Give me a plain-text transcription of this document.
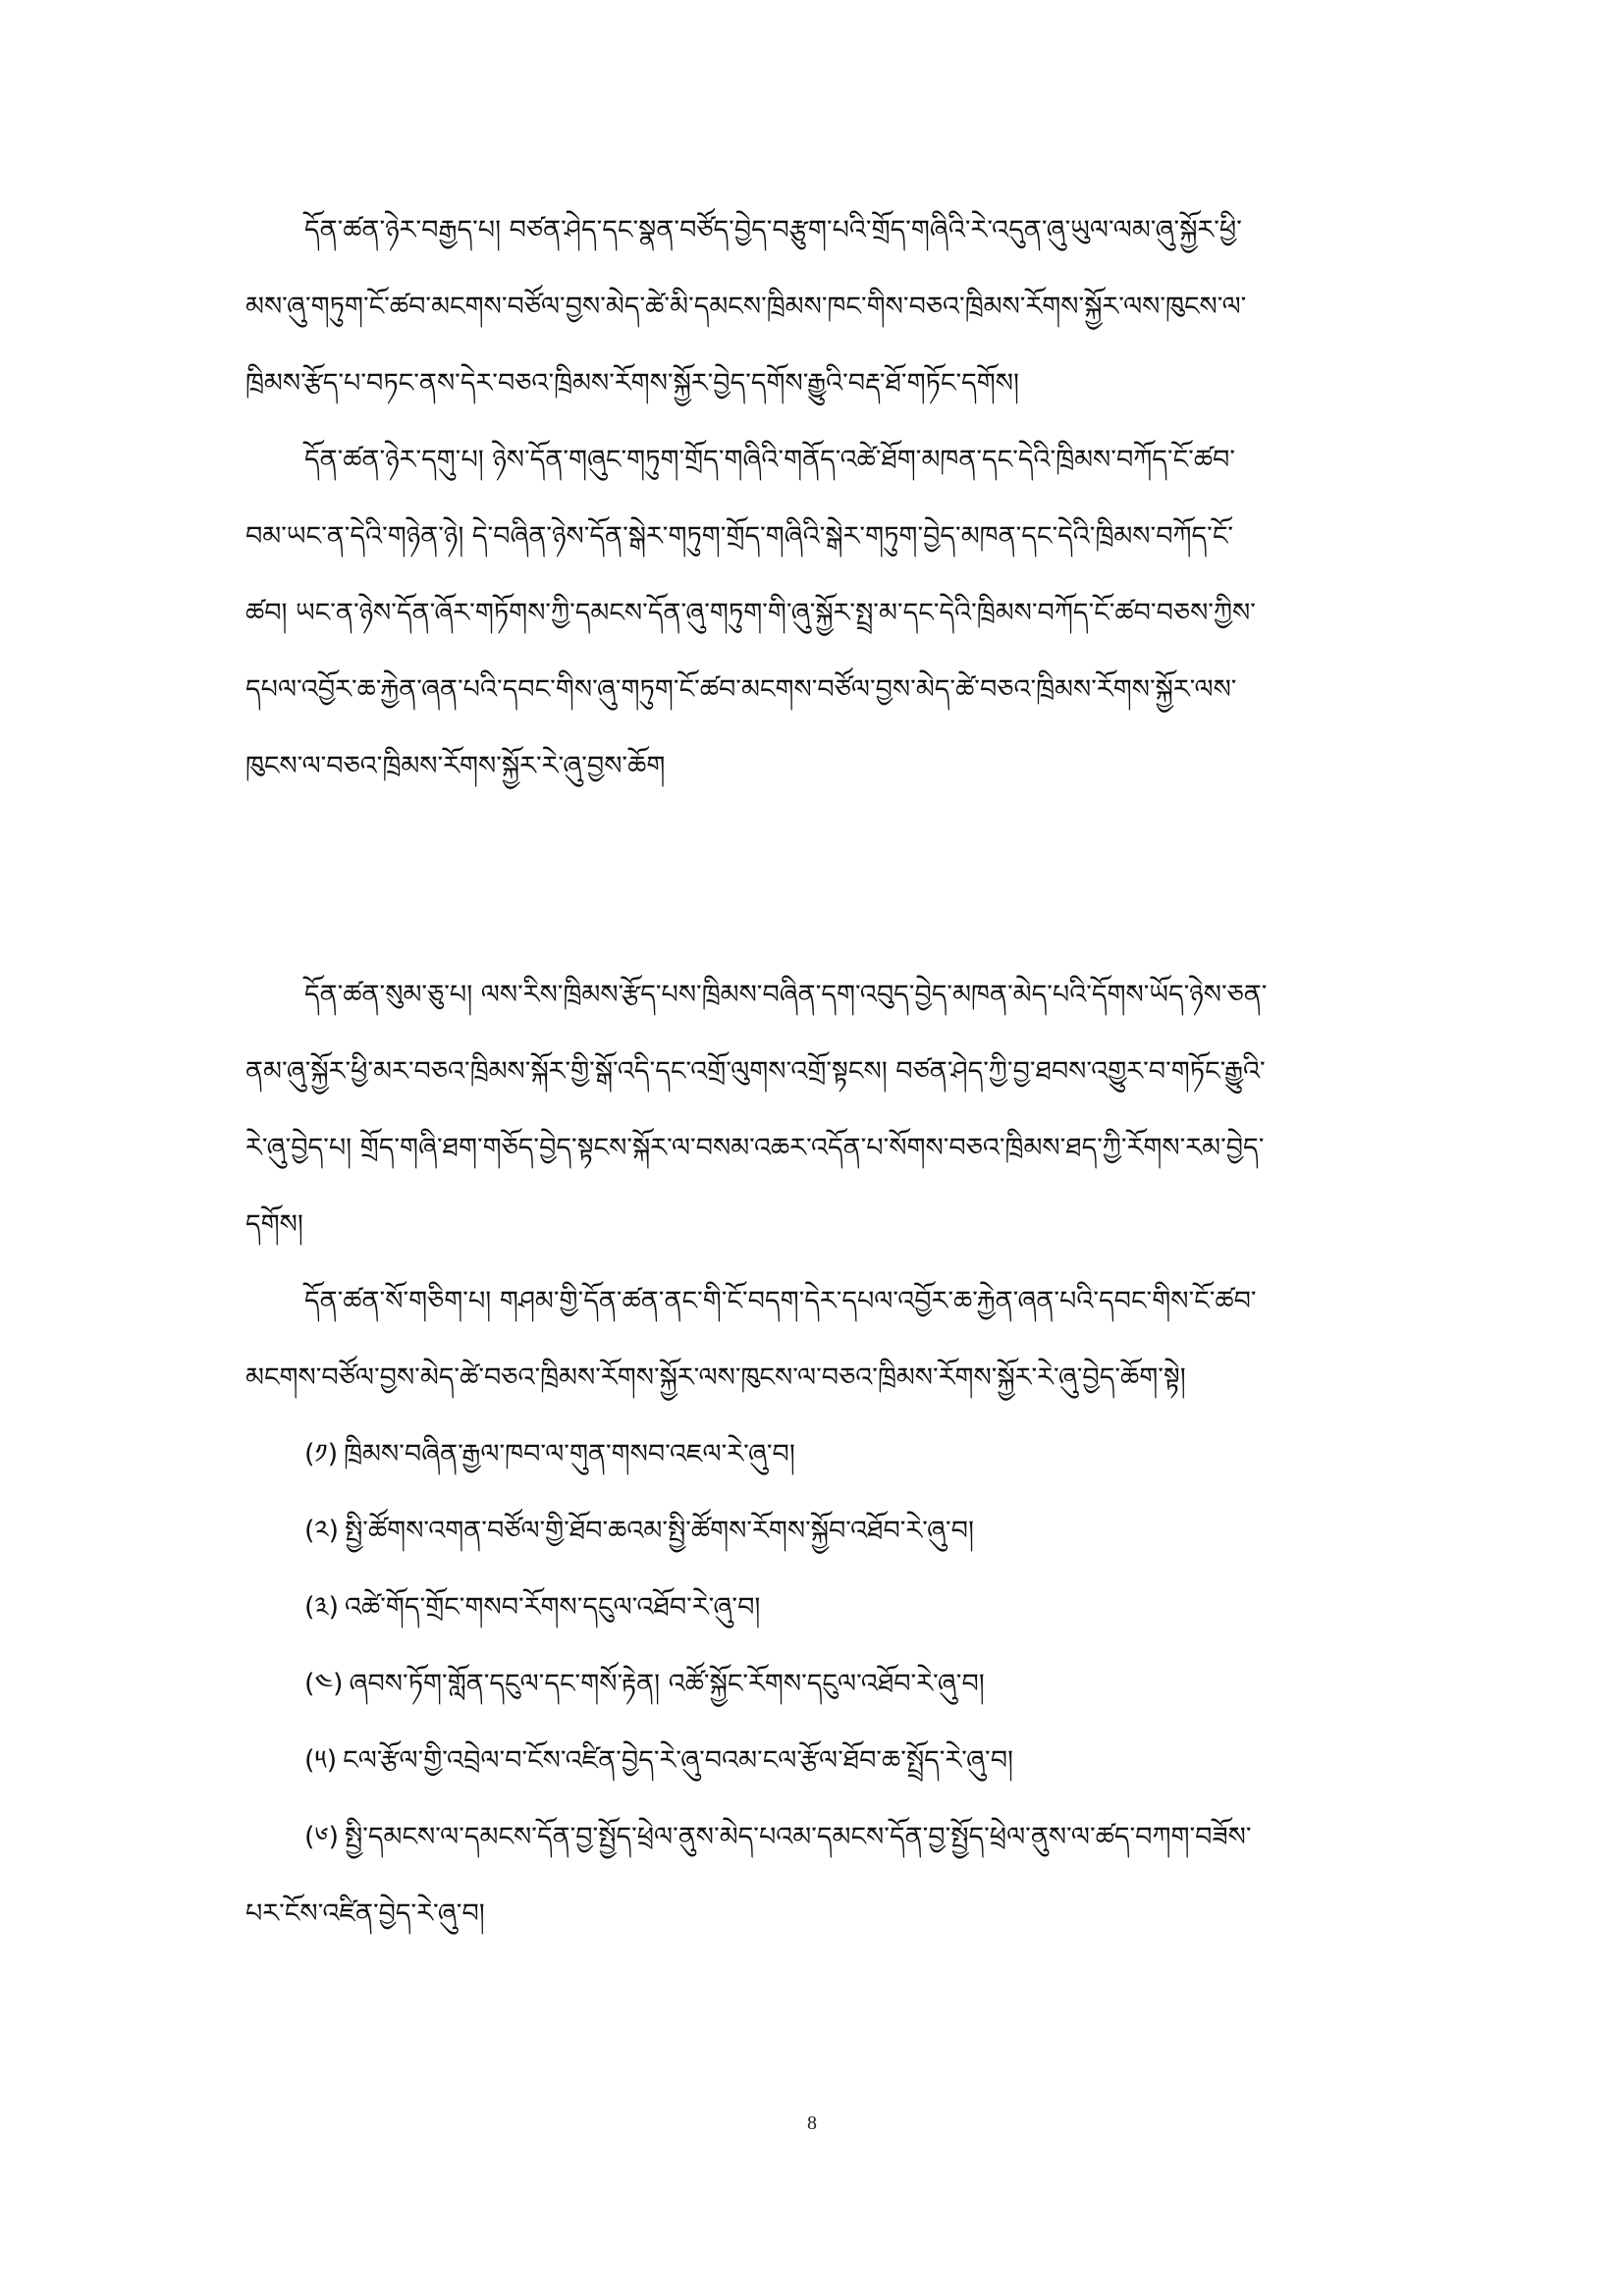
དོན་ཚན་ཉེར་བརྒྱད་པ། བཙན་ཤེད་དང་སྣན་བཙོད་བྱེད་བརྩུག་པའི་གྲོད་གཞིའི་རེ་འདུན་ཞུ་ཡུལ་ལམ་ཞུ་སྐྱོར་ཕྱི་
མས་ཞུ་གཏུག་ངོ་ཚབ་མངགས་བཙོལ་བྱས་མེད་ཚེ་མི་དམངས་ཁྲིམས་ཁང་གིས་བཅའ་ཁྲིམས་རོགས་སྐྱོར་ལས་ཁུངས་ལ་
ཁྲིམས་རྩོད་པ་བཏང་ནས་དེར་བཅའ་ཁྲིམས་རོགས་སྐྱོར་བྱེད་དགོས་རྒྱུའི་བརྡ་ཐོ་གཏོང་དགོས།
དོན་ཚན་ཉེར་དགུ་པ། ཉེས་དོན་གཞུང་གཏུག་གྲོད་གཞིའི་གནོད་འཚེ་ཐོག་མཁན་དང་དེའི་ཁྲིམས་བཀོད་ངོ་ཚབ་
བམ་ཡང་ན་དེའི་གཉེན་ཉེ། དེ་བཞིན་ཉེས་དོན་སྒེར་གཏུག་གྲོད་གཞིའི་སྒེར་གཏུག་བྱེད་མཁན་དང་དེའི་ཁྲིམས་བཀོད་ངོ་
ཚབ། ཡང་ན་ཉེས་དོན་ཞོར་གཏོགས་ཀྱི་དམངས་དོན་ཞུ་གཏུག་གི་ཞུ་སྐྱོར་སྤྲ་མ་དང་དེའི་ཁྲིམས་བཀོད་ངོ་ཚབ་བཅས་ཀྱིས་
དཔལ་འབྱོར་ཆ་རྐྱེན་ཞན་པའི་དབང་གིས་ཞུ་གཏུག་ངོ་ཚབ་མངགས་བཙོལ་བྱས་མེད་ཚེ་བཅའ་ཁྲིམས་རོགས་སྐྱོར་ལས་
ཁུངས་ལ་བཅའ་ཁྲིམས་རོགས་སྐྱོར་རེ་ཞུ་བྱས་ཆོག
དོན་ཚན་སུམ་ཅུ་པ། ལས་རིས་ཁྲིམས་རྩོད་པས་ཁྲིམས་བཞིན་དག་འབུད་བྱེད་མཁན་མེད་པའི་དོགས་ཡོད་ཉེས་ཅན་
ནམ་ཞུ་སྐྱོར་ཕྱི་མར་བཅའ་ཁྲིམས་སྐོར་གྱི་སྒོ་འདི་དང་འགྲོ་ལུགས་འགྲོ་སྟངས། བཙན་ཤེད་ཀྱི་བྱ་ཐབས་འགྱུར་བ་གཏོང་རྒྱུའི་
རེ་ཞུ་བྱེད་པ། གྲོད་གཞི་ཐག་གཅོད་བྱེད་སྟངས་སྐོར་ལ་བསམ་འཆར་འདོན་པ་སོགས་བཅའ་ཁྲིམས་ཐད་ཀྱི་རོགས་རམ་བྱེད་
དགོས།
དོན་ཚན་སོ་གཅིག་པ། གཤམ་གྱི་དོན་ཚན་ནང་གི་ངོ་བདག་དེར་དཔལ་འབྱོར་ཆ་རྐྱེན་ཞན་པའི་དབང་གིས་ངོ་ཚབ་
མངགས་བཙོལ་བྱས་མེད་ཚེ་བཅའ་ཁྲིམས་རོགས་སྐྱོར་ལས་ཁུངས་ལ་བཅའ་ཁྲིམས་རོགས་སྐྱོར་རེ་ཞུ་བྱེད་ཆོག་སྟེ།
(༡) ཁྲིམས་བཞིན་རྒྱལ་ཁབ་ལ་གུན་གསབ་འཇལ་རེ་ཞུ་བ།
(༢) སྤྱི་ཚོགས་འགན་བཙོལ་གྱི་ཐོབ་ཆའམ་སྤྱི་ཚོགས་རོགས་སྐྱོབ་འཐོབ་རེ་ཞུ་བ།
(༣) འཚེ་གོད་གྲོང་གསབ་རོགས་དངུལ་འཐོབ་རེ་ཞུ་བ།
(༤) ཞབས་ཏོག་གློན་དངུལ་དང་གསོ་རྟེན། འཚོ་སྐྱོང་རོགས་དངུལ་འཐོབ་རེ་ཞུ་བ།
(༥) ངལ་རྩོལ་གྱི་འབྲེལ་བ་ངོས་འཛིན་བྱེད་རེ་ཞུ་བའམ་ངལ་རྩོལ་ཐོབ་ཆ་སྤྲོད་རེ་ཞུ་བ།
(༦) སྤྱི་དམངས་ལ་དམངས་དོན་བྱ་སྤྱོད་ཕྲེལ་ནུས་མེད་པའམ་དམངས་དོན་བྱ་སྤྱོད་ཕྲེལ་ནུས་ལ་ཚད་བཀག་བཟོས་
པར་ངོས་འཛིན་བྱེད་རེ་ཞུ་བ།
8
